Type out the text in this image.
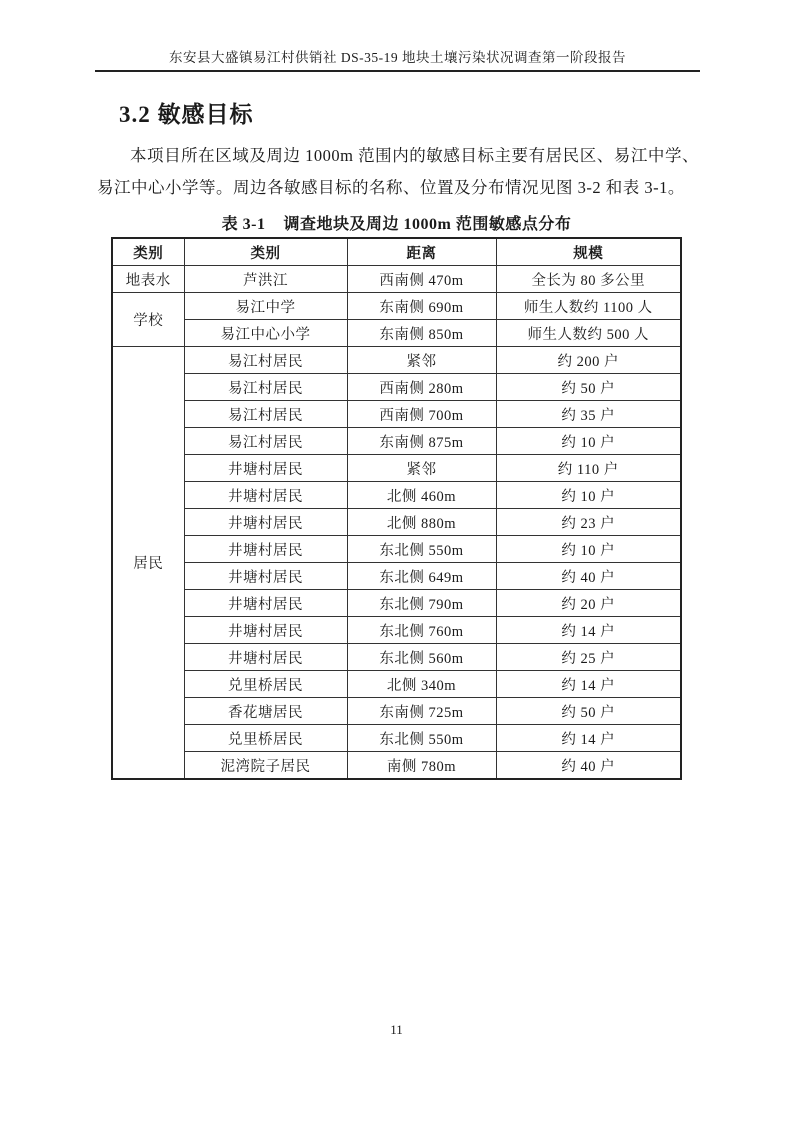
东安县大盛镇易江村供销社 DS-35-19 地块土壤污染状况调查第一阶段报告
3.2 敏感目标

本项目所在区域及周边 1000m 范围内的敏感目标主要有居民区、易江中学、易江中心小学等。周边各敏感目标的名称、位置及分布情况见图 3-2 和表 3-1。

表 3-1 调查地块及周边 1000m 范围敏感点分布
类别	类别	距离	规模
地表水	芦洪江	西南侧 470m	全长为 80 多公里
学校	易江中学	东南侧 690m	师生人数约 1100 人
	易江中心小学	东南侧 850m	师生人数约 500 人
居民	易江村居民	紧邻	约 200 户
	易江村居民	西南侧 280m	约 50 户
	易江村居民	西南侧 700m	约 35 户
	易江村居民	东南侧 875m	约 10 户
	井塘村居民	紧邻	约 110 户
	井塘村居民	北侧 460m	约 10 户
	井塘村居民	北侧 880m	约 23 户
	井塘村居民	东北侧 550m	约 10 户
	井塘村居民	东北侧 649m	约 40 户
	井塘村居民	东北侧 790m	约 20 户
	井塘村居民	东北侧 760m	约 14 户
	井塘村居民	东北侧 560m	约 25 户
	兑里桥居民	北侧 340m	约 14 户
	香花塘居民	东南侧 725m	约 50 户
	兑里桥居民	东北侧 550m	约 14 户
	泥湾院子居民	南侧 780m	约 40 户
11
